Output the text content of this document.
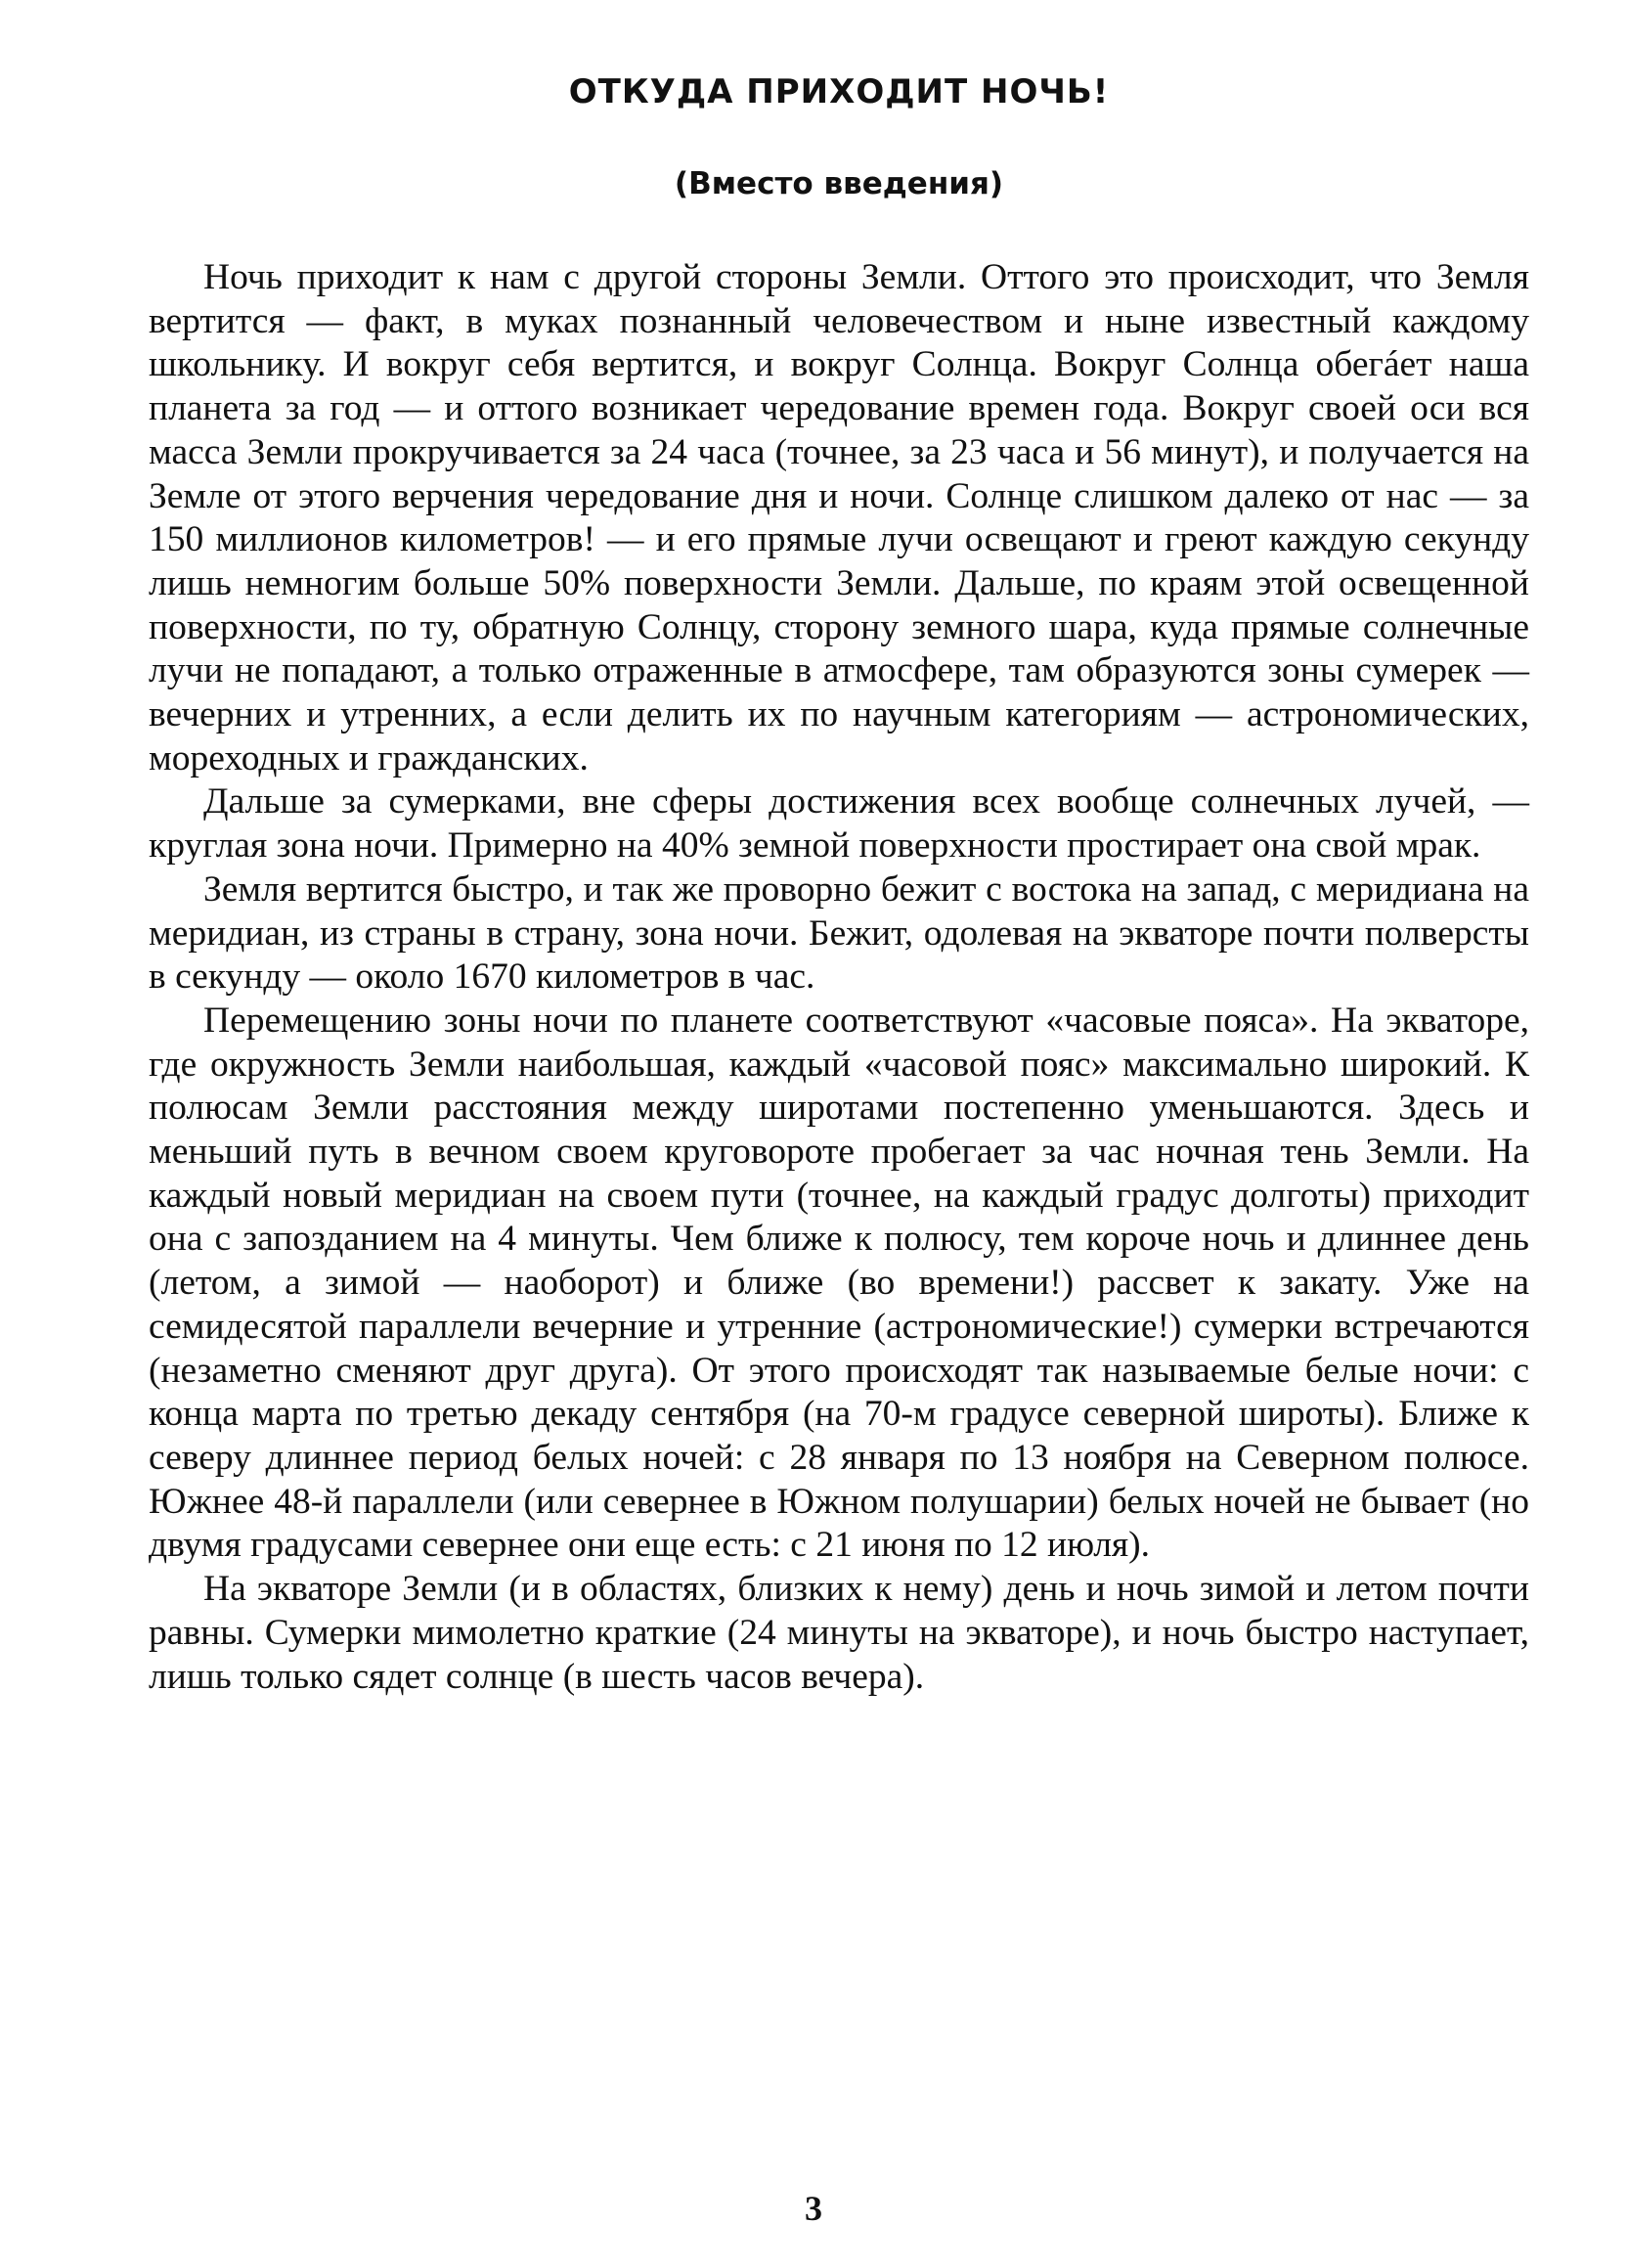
ОТКУДА ПРИХОДИТ НОЧЬ!
(Вместо введения)

Ночь приходит к нам с другой стороны Земли. Оттого это происходит, что Земля вертится — факт, в муках познанный человечеством и ныне известный каждому школьнику. И вокруг себя вертится, и вокруг Солнца. Вокруг Солнца обегáет наша планета за год — и оттого возникает чередование времен года. Вокруг своей оси вся масса Земли прокручивается за 24 часа (точнее, за 23 часа и 56 минут), и получается на Земле от этого верчения чередование дня и ночи. Солнце слишком далеко от нас — за 150 миллионов километров! — и его прямые лучи освещают и греют каждую секунду лишь немногим больше 50% поверхности Земли. Дальше, по краям этой освещенной поверхности, по ту, обратную Солнцу, сторону земного шара, куда прямые солнечные лучи не попадают, а только отраженные в атмосфере, там образуются зоны сумерек — вечерних и утренних, а если делить их по научным категориям — астрономических, мореходных и гражданских.

Дальше за сумерками, вне сферы достижения всех вообще солнечных лучей, — круглая зона ночи. Примерно на 40% земной поверхности простирает она свой мрак.

Земля вертится быстро, и так же проворно бежит с востока на запад, с меридиана на меридиан, из страны в страну, зона ночи. Бежит, одолевая на экваторе почти полверсты в секунду — около 1670 километров в час.

Перемещению зоны ночи по планете соответствуют «часовые пояса». На экваторе, где окружность Земли наибольшая, каждый «часовой пояс» максимально широкий. К полюсам Земли расстояния между широтами постепенно уменьшаются. Здесь и меньший путь в вечном своем круговороте пробегает за час ночная тень Земли. На каждый новый меридиан на своем пути (точнее, на каждый градус долготы) приходит она с запозданием на 4 минуты. Чем ближе к полюсу, тем короче ночь и длиннее день (летом, а зимой — наоборот) и ближе (во времени!) рассвет к закату. Уже на семидесятой параллели вечерние и утренние (астрономические!) сумерки встречаются (незаметно сменяют друг друга). От этого происходят так называемые белые ночи: с конца марта по третью декаду сентября (на 70-м градусе северной широты). Ближе к северу длиннее период белых ночей: с 28 января по 13 ноября на Северном полюсе. Южнее 48-й параллели (или севернее в Южном полушарии) белых ночей не бывает (но двумя градусами севернее они еще есть: с 21 июня по 12 июля).

На экваторе Земли (и в областях, близких к нему) день и ночь зимой и летом почти равны. Сумерки мимолетно краткие (24 минуты на экваторе), и ночь быстро наступает, лишь только сядет солнце (в шесть часов вечера).

3
